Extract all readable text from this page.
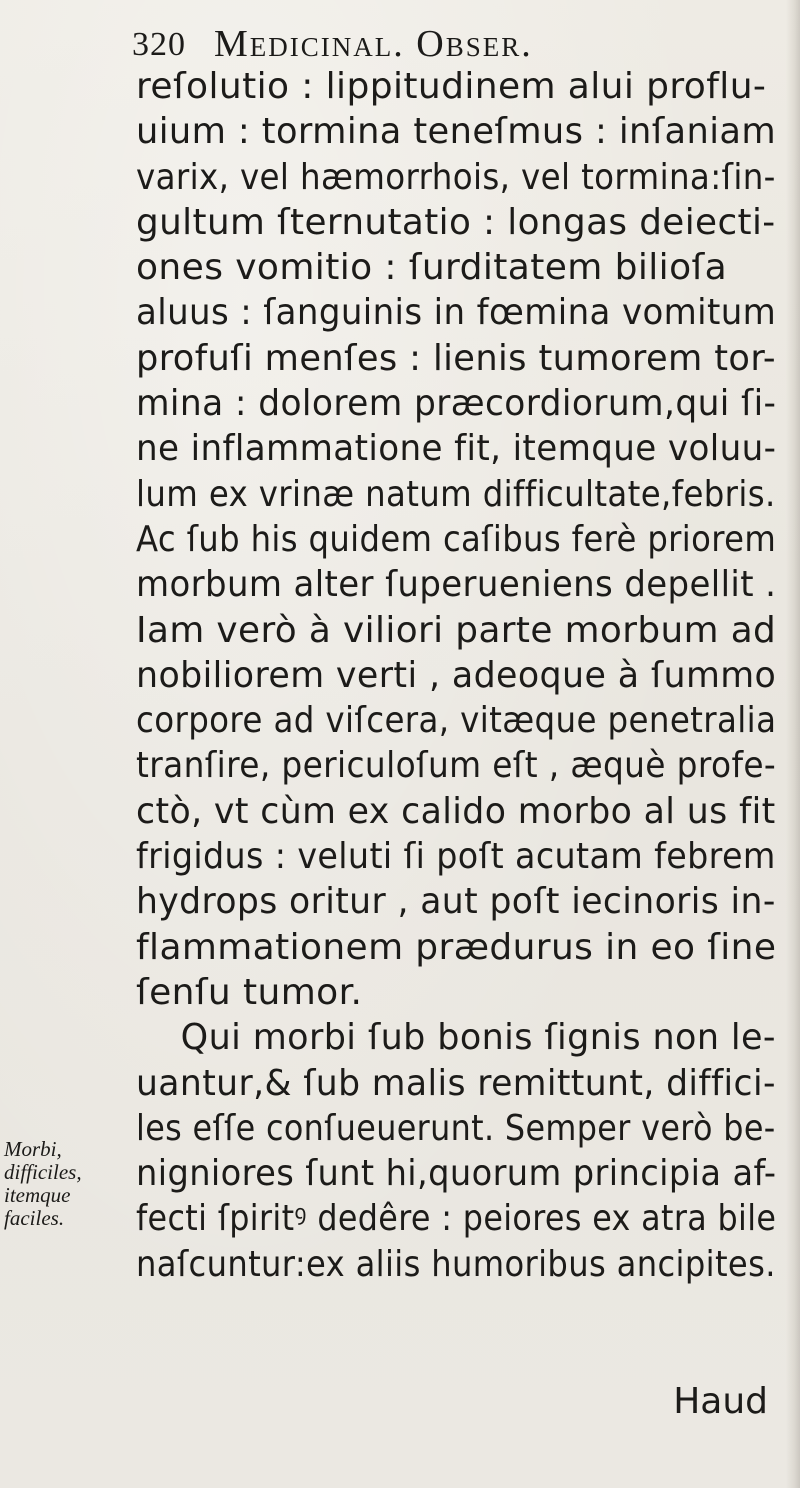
320 Medicinal. Obser.
reſolutio : lippitudinem alui proflu-
uium : tormina teneſmus : inſaniam
varix, vel hæmorrhois, vel tormina:ſin-
gultum ſternutatio : longas deiecti-
ones vomitio : ſurditatem bilioſa
aluus : ſanguinis in fœmina vomitum
profuſi menſes : lienis tumorem tor-
mina : dolorem præcordiorum,qui ſi-
ne inflammatione fit, itemque voluu-
lum ex vrinæ natum difficultate,febris.
Ac ſub his quidem caſibus ferè priorem
morbum alter ſuperueniens depellit .
Iam verò à viliori parte morbum ad
nobiliorem verti , adeoque à ſummo
corpore ad viſcera, vitæque penetralia
tranſire, periculoſum eſt , æquè profe-
ctò, vt cùm ex calido morbo al us fit
frigidus : veluti ſi poſt acutam febrem
hydrops oritur , aut poſt iecinoris in-
flammationem prædurus in eo ſine
ſenſu tumor.
Qui morbi ſub bonis ſignis non le-
uantur,& ſub malis remittunt, diffici-
les eſſe conſueuerunt. Semper verò be-
nigniores ſunt hi,quorum principia af-
fecti ſpiritꝰ dedêre : peiores ex atra bile
naſcuntur:ex aliis humoribus ancipites.
Haud
Morbi,
difficiles,
itemque
faciles.
